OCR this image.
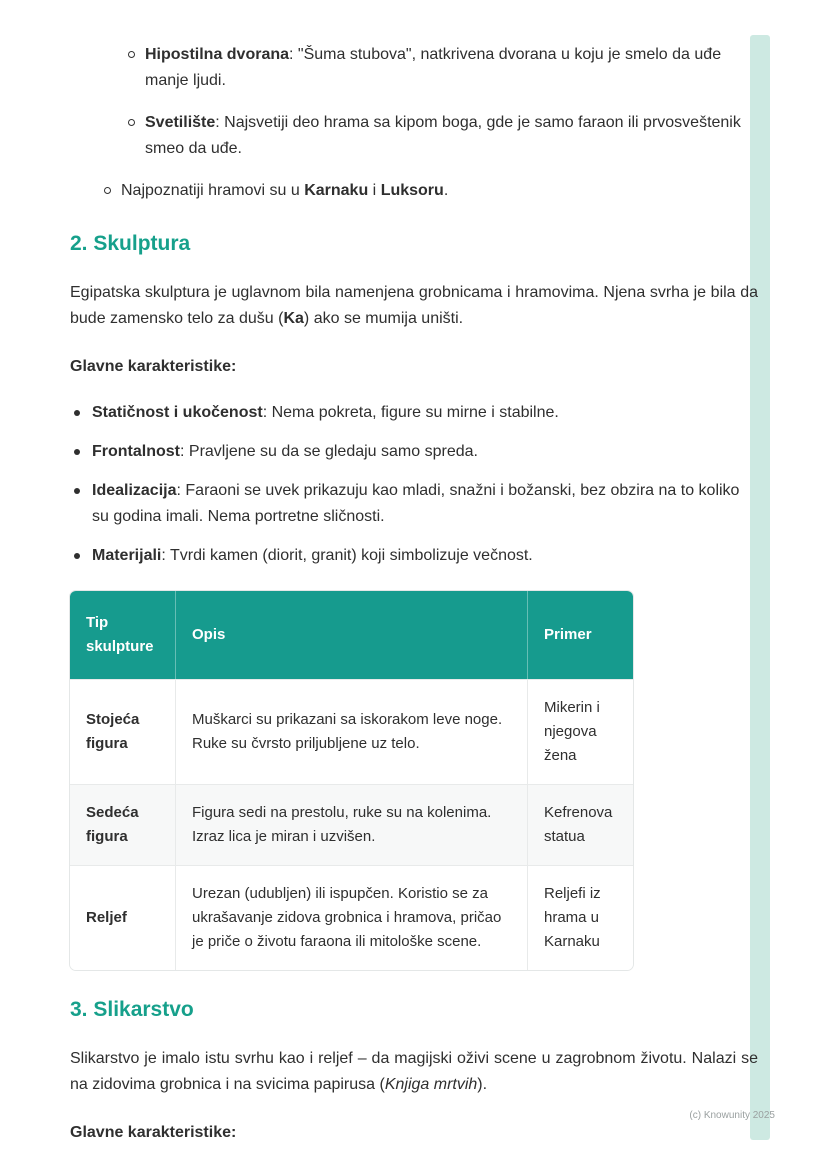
Hipostilna dvorana: "Šuma stubova", natkrivena dvorana u koju je smelo da uđe manje ljudi.
Svetilište: Najsvetiji deo hrama sa kipom boga, gde je samo faraon ili prvosveštenik smeo da uđe.
Najpoznatiji hramovi su u Karnaku i Luksoru.
2. Skulptura

Egipatska skulptura je uglavnom bila namenjena grobnicama i hramovima. Njena svrha je bila da bude zamensko telo za dušu (Ka) ako se mumija uništi.

Glavne karakteristike:

Statičnost i ukočenost: Nema pokreta, figure su mirne i stabilne.
Frontalnost: Pravljene su da se gledaju samo spreda.
Idealizacija: Faraoni se uvek prikazuju kao mladi, snažni i božanski, bez obzira na to koliko su godina imali. Nema portretne sličnosti.
Materijali: Tvrdi kamen (diorit, granit) koji simbolizuje večnost.
Tip skulpture	Opis	Primer
Stojeća figura	Muškarci su prikazani sa iskorakom leve noge. Ruke su čvrsto priljubljene uz telo.	Mikerin i njegova žena
Sedeća figura	Figura sedi na prestolu, ruke su na kolenima. Izraz lica je miran i uzvišen.	Kefrenova statua
Reljef	Urezan (udubljen) ili ispupčen. Koristio se za ukrašavanje zidova grobnica i hramova, pričao je priče o životu faraona ili mitološke scene.	Reljefi iz hrama u Karnaku
3. Slikarstvo

Slikarstvo je imalo istu svrhu kao i reljef – da magijski oživi scene u zagrobnom životu. Nalazi se na zidovima grobnica i na svicima papirusa (Knjiga mrtvih).

Glavne karakteristike:

(c) Knowunity 2025
